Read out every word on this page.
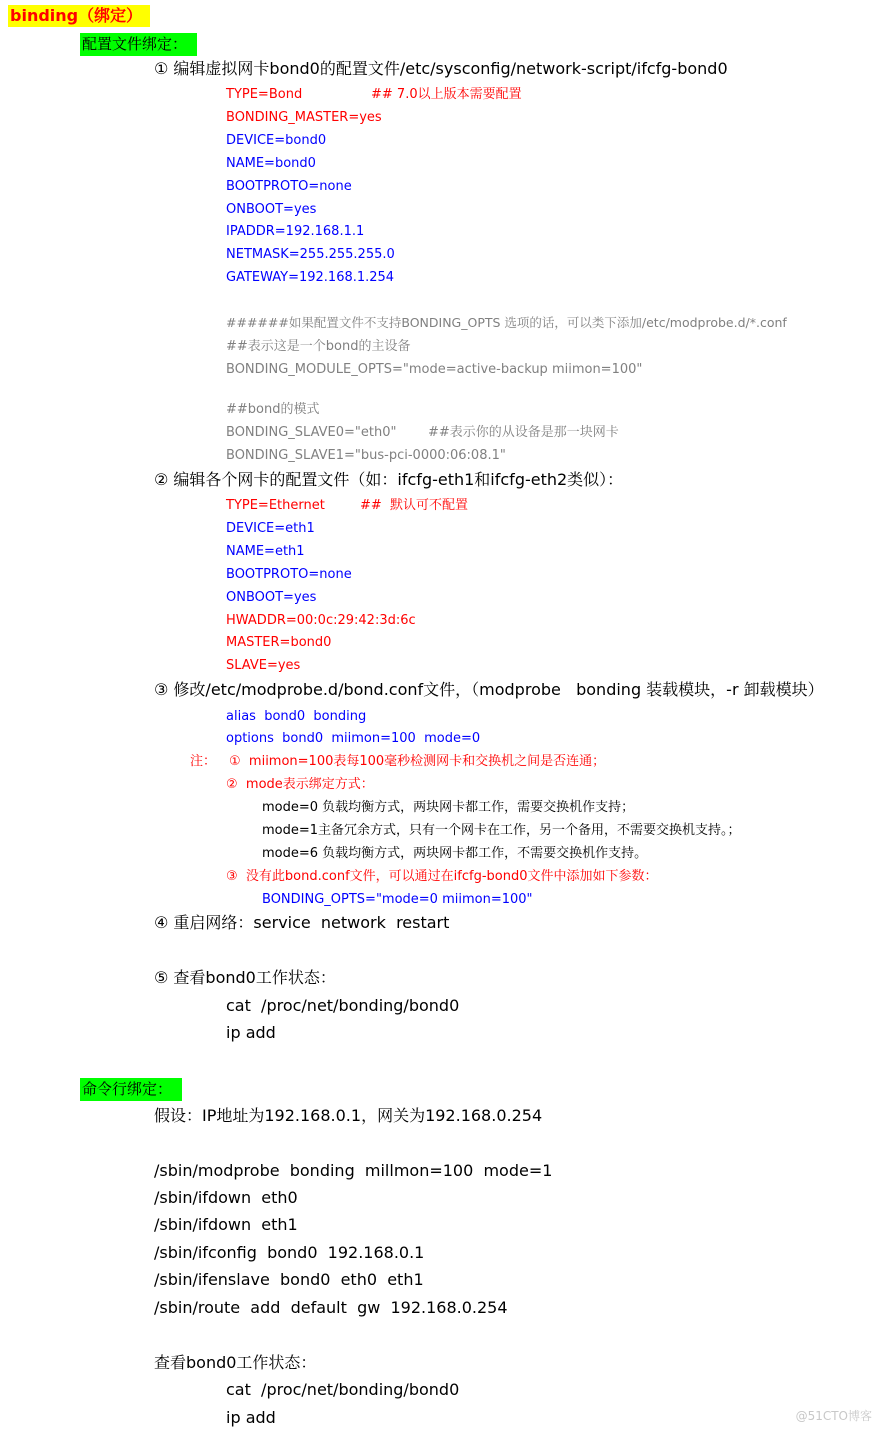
binding（绑定）
配置文件绑定：
① 编辑虚拟网卡bond0的配置文件/etc/sysconfig/network-script/ifcfg-bond0
TYPE=Bond	## 7.0以上版本需要配置
BONDING_MASTER=yes
DEVICE=bond0
NAME=bond0
BOOTPROTO=none
ONBOOT=yes
IPADDR=192.168.1.1
NETMASK=255.255.255.0
GATEWAY=192.168.1.254
######如果配置文件不支持BONDING_OPTS 选项的话，可以类下添加/etc/modprobe.d/*.conf
##表示这是一个bond的主设备
BONDING_MODULE_OPTS="mode=active-backup miimon=100"
##bond的模式
BONDING_SLAVE0="eth0" ##表示你的从设备是那一块网卡
BONDING_SLAVE1="bus-pci-0000:06:08.1"
② 编辑各个网卡的配置文件（如：ifcfg-eth1和ifcfg-eth2类似）：
TYPE=Ethernet	##  默认可不配置
DEVICE=eth1
NAME=eth1
BOOTPROTO=none
ONBOOT=yes
HWADDR=00:0c:29:42:3d:6c
MASTER=bond0
SLAVE=yes
③ 修改/etc/modprobe.d/bond.conf文件，（modprobe   bonding 装载模块，-r 卸载模块）
alias  bond0  bonding
options  bond0  miimon=100  mode=0
注： ①  miimon=100表每100毫秒检测网卡和交换机之间是否连通；
②  mode表示绑定方式：
mode=0 负载均衡方式，两块网卡都工作，需要交换机作支持；
mode=1主备冗余方式，只有一个网卡在工作，另一个备用，不需要交换机支持。；
mode=6 负载均衡方式，两块网卡都工作，不需要交换机作支持。
③  没有此bond.conf文件，可以通过在ifcfg-bond0文件中添加如下参数：
BONDING_OPTS="mode=0 miimon=100"
④ 重启网络：service  network  restart
⑤ 查看bond0工作状态：
cat  /proc/net/bonding/bond0
ip add
命令行绑定：
假设：IP地址为192.168.0.1，网关为192.168.0.254
/sbin/modprobe  bonding  millmon=100  mode=1
/sbin/ifdown  eth0
/sbin/ifdown  eth1
/sbin/ifconfig  bond0  192.168.0.1
/sbin/ifenslave  bond0  eth0  eth1
/sbin/route  add  default  gw  192.168.0.254
查看bond0工作状态：
cat  /proc/net/bonding/bond0
ip add	@51CTO博客
